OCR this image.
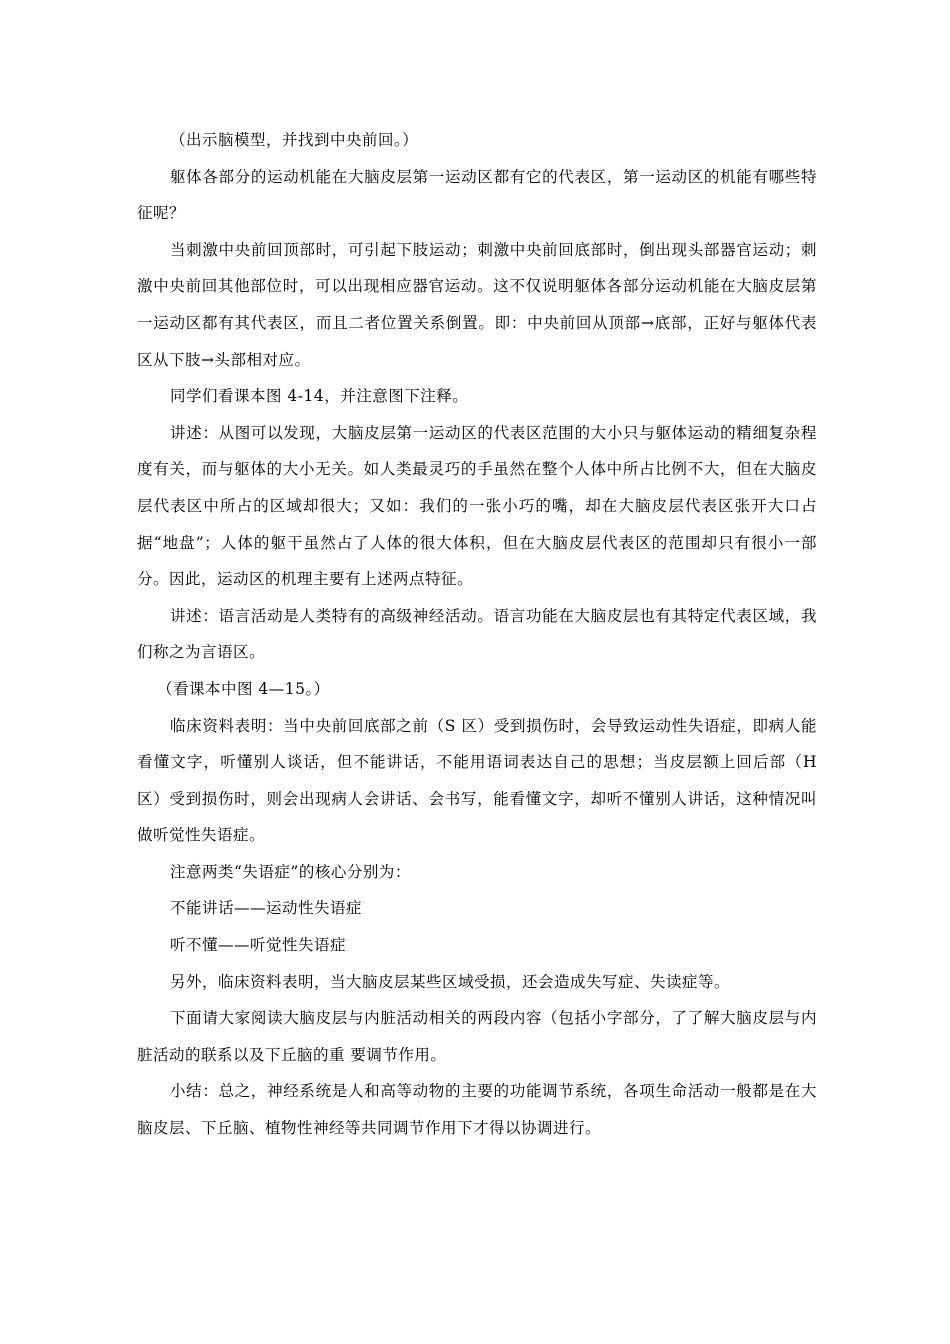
（出示脑模型，并找到中央前回。）

躯体各部分的运动机能在大脑皮层第一运动区都有它的代表区，第一运动区的机能有哪些特征呢？

当刺激中央前回顶部时，可引起下肢运动；刺激中央前回底部时，倒出现头部器官运动；刺激中央前回其他部位时，可以出现相应器官运动。这不仅说明躯体各部分运动机能在大脑皮层第一运动区都有其代表区，而且二者位置关系倒置。即：中央前回从顶部→底部，正好与躯体代表区从下肢→头部相对应。

同学们看课本图 4-14，并注意图下注释。

讲述：从图可以发现，大脑皮层第一运动区的代表区范围的大小只与躯体运动的精细复杂程度有关，而与躯体的大小无关。如人类最灵巧的手虽然在整个人体中所占比例不大，但在大脑皮层代表区中所占的区域却很大；又如：我们的一张小巧的嘴，却在大脑皮层代表区张开大口占据“地盘”；人体的躯干虽然占了人体的很大体积，但在大脑皮层代表区的范围却只有很小一部分。因此，运动区的机理主要有上述两点特征。

讲述：语言活动是人类特有的高级神经活动。语言功能在大脑皮层也有其特定代表区域，我们称之为言语区。

（看课本中图 4—15。）

临床资料表明：当中央前回底部之前（S 区）受到损伤时，会导致运动性失语症，即病人能看懂文字，听懂别人谈话，但不能讲话，不能用语词表达自己的思想；当皮层额上回后部（H 区）受到损伤时，则会出现病人会讲话、会书写，能看懂文字，却听不懂别人讲话，这种情况叫做听觉性失语症。

注意两类“失语症”的核心分别为：

不能讲话——运动性失语症

听不懂——听觉性失语症

另外，临床资料表明，当大脑皮层某些区域受损，还会造成失写症、失读症等。

下面请大家阅读大脑皮层与内脏活动相关的两段内容（包括小字部分，了了解大脑皮层与内脏活动的联系以及下丘脑的重 要调节作用。

小结：总之，神经系统是人和高等动物的主要的功能调节系统，各项生命活动一般都是在大脑皮层、下丘脑、植物性神经等共同调节作用下才得以协调进行。
